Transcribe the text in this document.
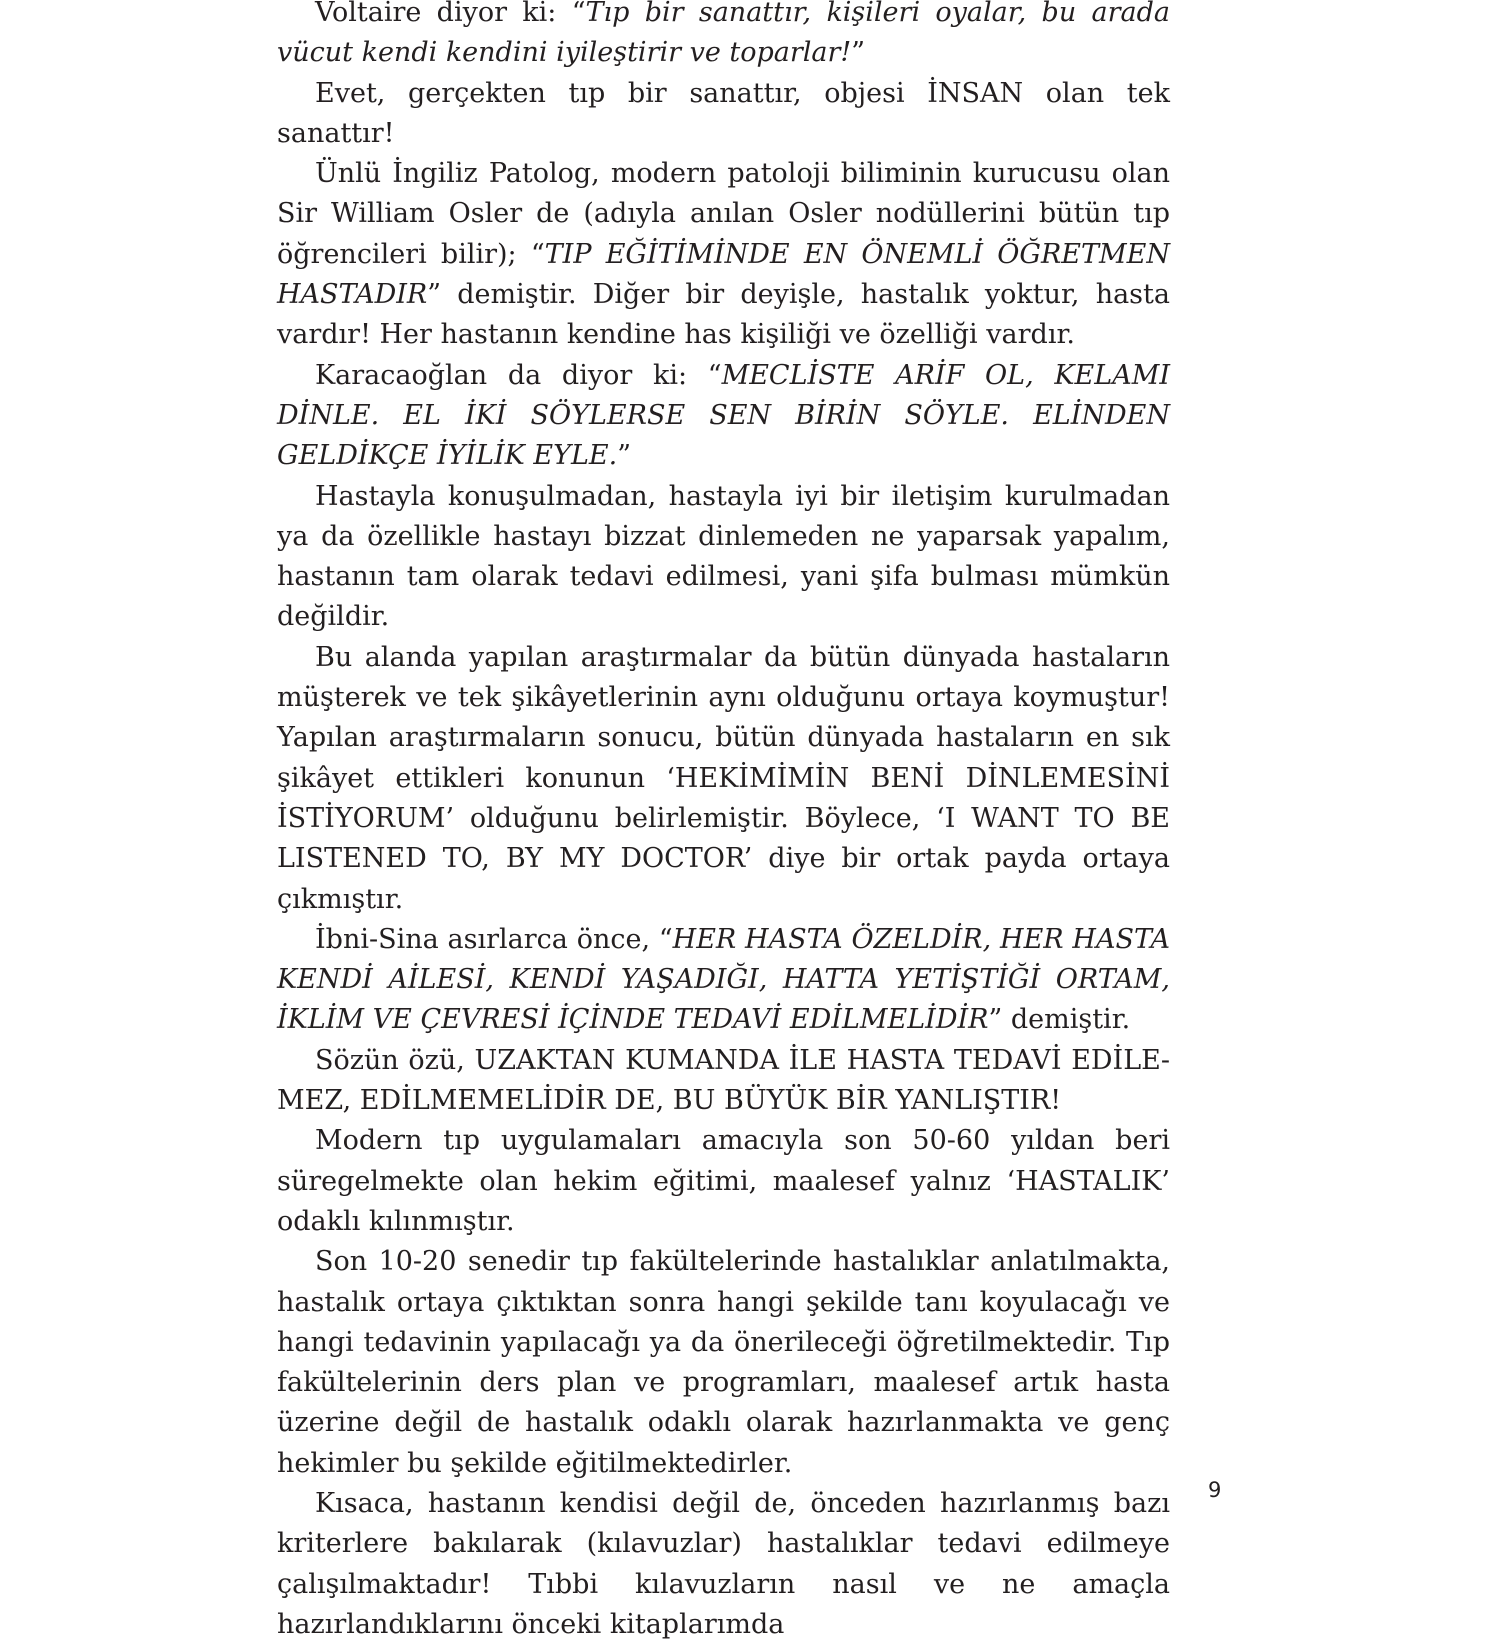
Voltaire diyor ki: “Tıp bir sanattır, kişileri oyalar, bu arada vücut kendi kendini iyileştirir ve toparlar!”

Evet, gerçekten tıp bir sanattır, objesi İNSAN olan tek sanattır!

Ünlü İngiliz Patolog, modern patoloji biliminin kurucusu olan Sir William Osler de (adıyla anılan Osler nodüllerini bütün tıp öğrencileri bilir); “TIP EĞİTİMİNDE EN ÖNEMLİ ÖĞRETMEN HASTADIR” demiştir. Diğer bir deyişle, hastalık yoktur, hasta vardır! Her hastanın kendine has kişiliği ve özelliği vardır.

Karacaoğlan da diyor ki: “MECLİSTE ARİF OL, KELAMI DİNLE. EL İKİ SÖYLERSE SEN BİRİN SÖYLE. ELİNDEN GELDİKÇE İYİLİK EYLE.”

Hastayla konuşulmadan, hastayla iyi bir iletişim kurulmadan ya da özellikle hastayı bizzat dinlemeden ne yaparsak yapalım, hastanın tam olarak tedavi edilmesi, yani şifa bulması mümkün değildir.

Bu alanda yapılan araştırmalar da bütün dünyada hastaların müşterek ve tek şikâyetlerinin aynı olduğunu ortaya koymuştur! Yapılan araştırmaların sonucu, bütün dünyada hastaların en sık şikâyet ettikleri konunun ‘HEKİMİMİN BENİ DİNLEMESİNİ İSTİYORUM’ olduğunu belirlemiştir. Böylece, ‘I WANT TO BE LISTENED TO, BY MY DOCTOR’ diye bir ortak payda ortaya çıkmıştır.

İbni-Sina asırlarca önce, “HER HASTA ÖZELDİR, HER HASTA KENDİ AİLESİ, KENDİ YAŞADIĞI, HATTA YETİŞTİĞİ ORTAM, İKLİM VE ÇEVRESİ İÇİNDE TEDAVİ EDİLMELİDİR” demiştir.

Sözün özü, UZAKTAN KUMANDA İLE HASTA TEDAVİ EDİLEMEZ, EDİLMEMELİDİR DE, BU BÜYÜK BİR YANLIŞTIR!

Modern tıp uygulamaları amacıyla son 50-60 yıldan beri süregelmekte olan hekim eğitimi, maalesef yalnız ‘HASTALIK’ odaklı kılınmıştır.

Son 10-20 senedir tıp fakültelerinde hastalıklar anlatılmakta, hastalık ortaya çıktıktan sonra hangi şekilde tanı koyulacağı ve hangi tedavinin yapılacağı ya da önerileceği öğretilmektedir. Tıp fakültelerinin ders plan ve programları, maalesef artık hasta üzerine değil de hastalık odaklı olarak hazırlanmakta ve genç hekimler bu şekilde eğitilmektedirler.

Kısaca, hastanın kendisi değil de, önceden hazırlanmış bazı kriterlere bakılarak (kılavuzlar) hastalıklar tedavi edilmeye çalışılmaktadır! Tıbbi kılavuzların nasıl ve ne amaçla hazırlandıklarını önceki kitaplarımda

9
